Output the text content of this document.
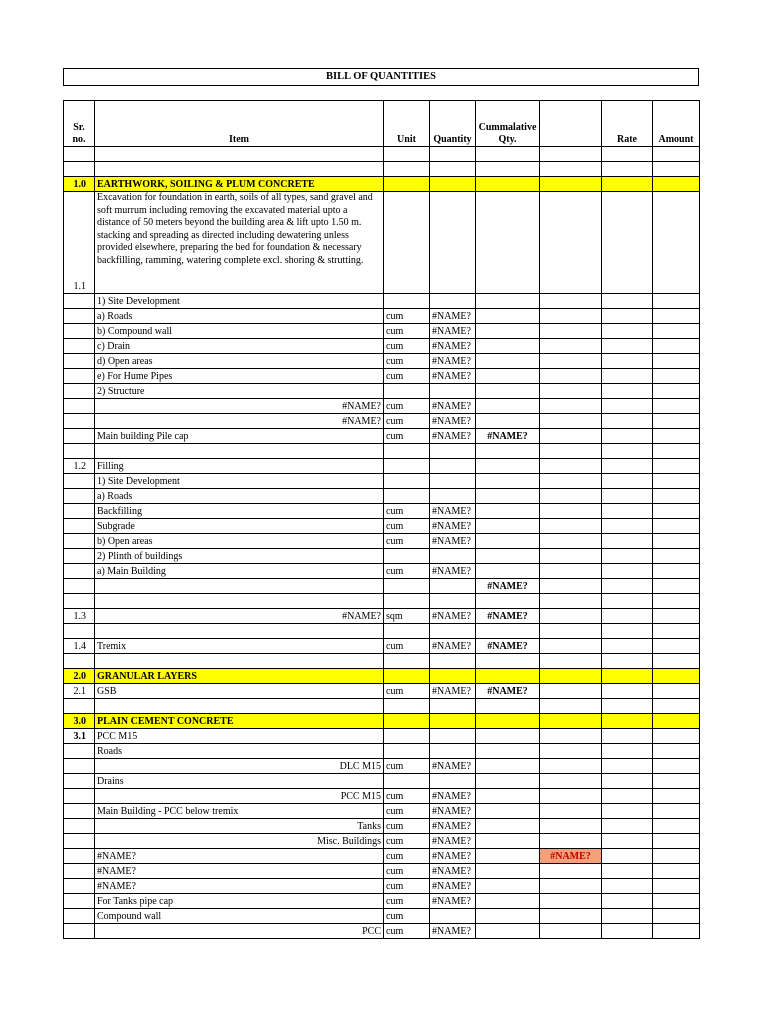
BILL OF QUANTITIES
Sr. no.	Item	Unit	Quantity	Cummalative Qty.		Rate	Amount

1.0	EARTHWORK, SOILING & PLUM CONCRETE						
1.1	Excavation for foundation in earth, soils of all types, sand gravel and soft murrum including removing the excavated material upto a distance of 50 meters beyond the building area & lift upto 1.50 m. stacking and spreading as directed including dewatering unless provided elsewhere, preparing the bed for foundation & necessary backfilling, ramming, watering complete excl. shoring & strutting.						

	1) Site Development						
	a) Roads	cum	#NAME?				
	b) Compound wall	cum	#NAME?				
	c) Drain	cum	#NAME?				
	d) Open areas	cum	#NAME?				
	e) For Hume Pipes	cum	#NAME?				
	2) Structure						
	#NAME?	cum	#NAME?				
	#NAME?	cum	#NAME?				
	Main building Pile cap	cum	#NAME?	#NAME?			

1.2	Filling						
	1) Site Development						
	a) Roads						
	Backfilling	cum	#NAME?				
	Subgrade	cum	#NAME?				
	b) Open areas	cum	#NAME?				
	2) Plinth of buildings						
	a) Main Building	cum	#NAME?				
				#NAME?			

1.3	#NAME?	sqm	#NAME?	#NAME?			

1.4	Tremix	cum	#NAME?	#NAME?			

2.0	GRANULAR LAYERS						
2.1	GSB	cum	#NAME?	#NAME?			

3.0	PLAIN CEMENT CONCRETE						
3.1	PCC M15						
	Roads						
	DLC M15	cum	#NAME?				
	Drains						
	PCC M15	cum	#NAME?				
	Main Building - PCC below tremix	cum	#NAME?				
	Tanks	cum	#NAME?				
	Misc. Buildings	cum	#NAME?				
	#NAME?	cum	#NAME?		#NAME?		
	#NAME?	cum	#NAME?				
	#NAME?	cum	#NAME?				
	For Tanks pipe cap	cum	#NAME?				
	Compound wall	cum					
	PCC	cum	#NAME?				
